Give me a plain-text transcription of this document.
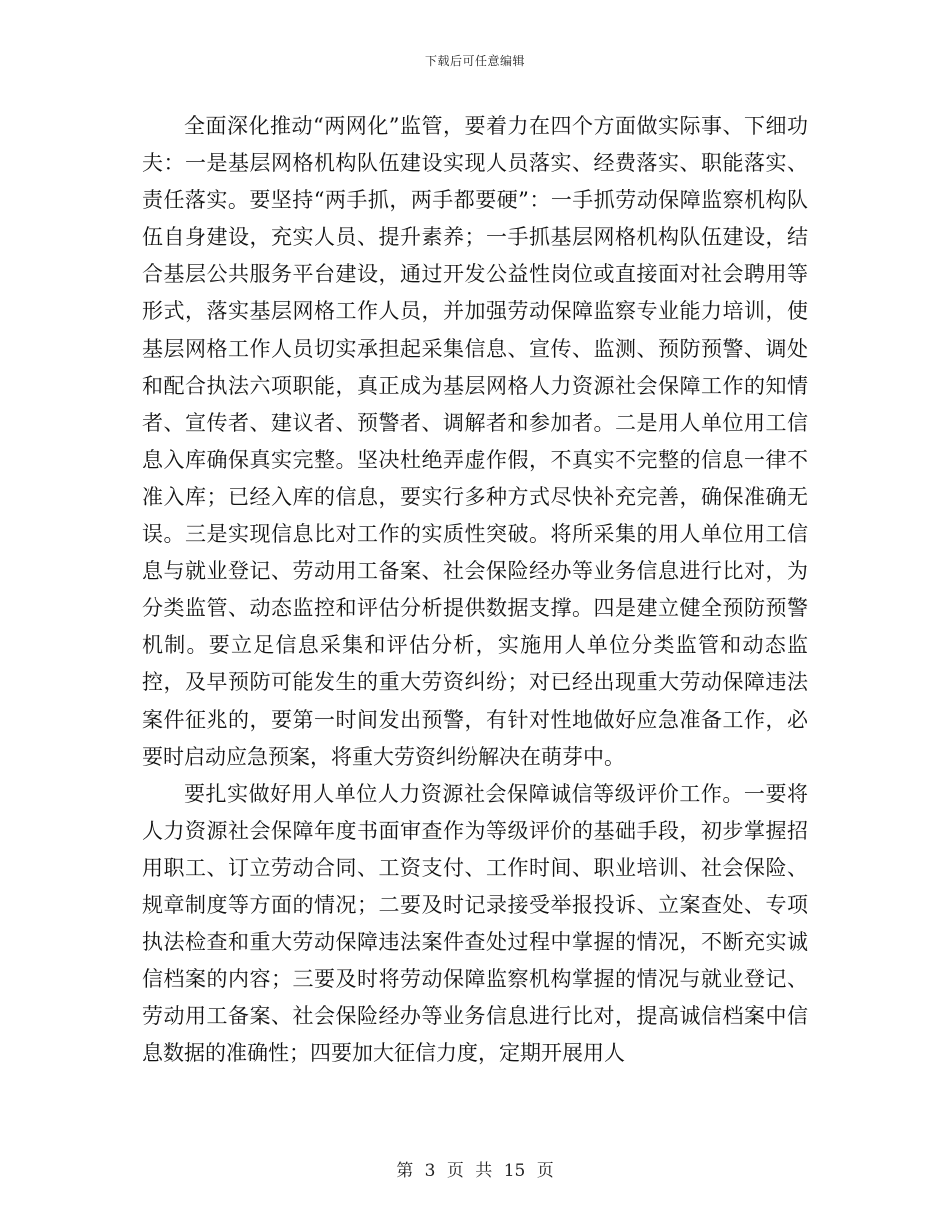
下载后可任意编辑

全面深化推动“两网化”监管，要着力在四个方面做实际事、下细功夫：一是基层网格机构队伍建设实现人员落实、经费落实、职能落实、责任落实。要坚持“两手抓，两手都要硬”：一手抓劳动保障监察机构队伍自身建设，充实人员、提升素养；一手抓基层网格机构队伍建设，结合基层公共服务平台建设，通过开发公益性岗位或直接面对社会聘用等形式，落实基层网格工作人员，并加强劳动保障监察专业能力培训，使基层网格工作人员切实承担起采集信息、宣传、监测、预防预警、调处和配合执法六项职能，真正成为基层网格人力资源社会保障工作的知情者、宣传者、建议者、预警者、调解者和参加者。二是用人单位用工信息入库确保真实完整。坚决杜绝弄虚作假，不真实不完整的信息一律不准入库；已经入库的信息，要实行多种方式尽快补充完善，确保准确无误。三是实现信息比对工作的实质性突破。将所采集的用人单位用工信息与就业登记、劳动用工备案、社会保险经办等业务信息进行比对，为分类监管、动态监控和评估分析提供数据支撑。四是建立健全预防预警机制。要立足信息采集和评估分析，实施用人单位分类监管和动态监控，及早预防可能发生的重大劳资纠纷；对已经出现重大劳动保障违法案件征兆的，要第一时间发出预警，有针对性地做好应急准备工作，必要时启动应急预案，将重大劳资纠纷解决在萌芽中。

要扎实做好用人单位人力资源社会保障诚信等级评价工作。一要将人力资源社会保障年度书面审查作为等级评价的基础手段，初步掌握招用职工、订立劳动合同、工资支付、工作时间、职业培训、社会保险、规章制度等方面的情况；二要及时记录接受举报投诉、立案查处、专项执法检查和重大劳动保障违法案件查处过程中掌握的情况，不断充实诚信档案的内容；三要及时将劳动保障监察机构掌握的情况与就业登记、劳动用工备案、社会保险经办等业务信息进行比对，提高诚信档案中信息数据的准确性；四要加大征信力度，定期开展用人

第 3 页 共 15 页
